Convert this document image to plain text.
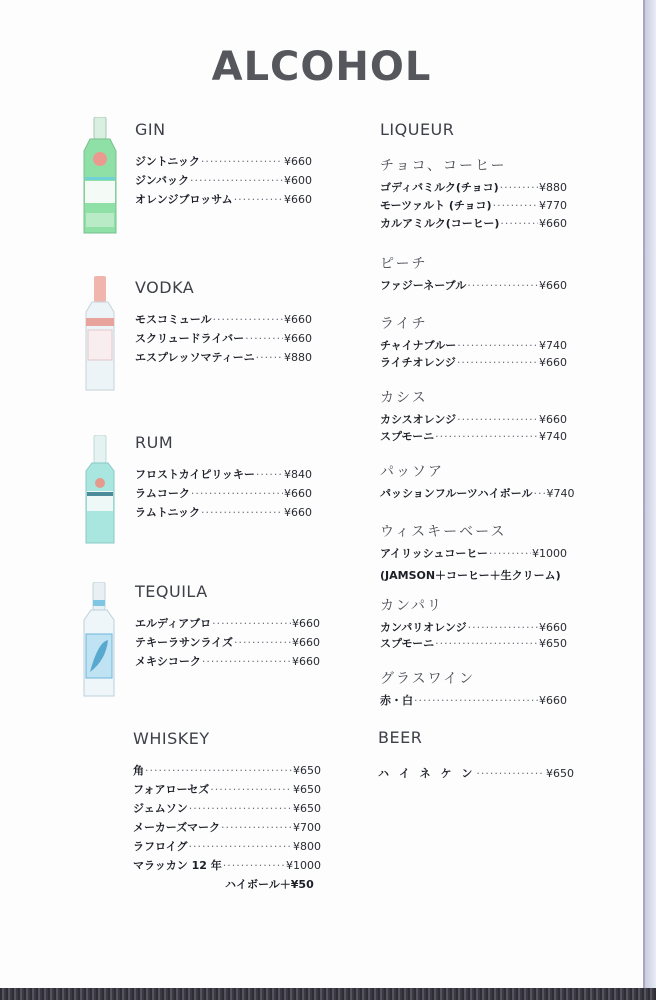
ALCOHOL
GIN
ジントニック ·····	¥660
ジンバック ·····	¥600
オレンジブロッサム ·····	¥660
VODKA
モスコミュール ·····	¥660
スクリュードライバー ·····	¥660
エスプレッソマティーニ ·····	¥880
RUM
フロストカイピリッキー ·····	¥840
ラムコーク ·····	¥660
ラムトニック ·····	¥660
TEQUILA
エルディアブロ ·····	¥660
テキーラサンライズ ·····	¥660
メキシコーク ·····	¥660
WHISKEY
角 ·····	¥650
フォアローセズ ·····	¥650
ジェムソン ·····	¥650
メーカーズマーク ·····	¥700
ラフロイグ ·····	¥800
マラッカン 12 年 ·····	¥1000
ハイボール＋¥50
LIQUEUR
チョコ、コーヒー
ゴディバミルク(チョコ) ·····	¥880
モーツァルト (チョコ) ·····	¥770
カルアミルク(コーヒー) ·····	¥660
ピーチ
ファジーネーブル ·····	¥660
ライチ
チャイナブルー ·····	¥740
ライチオレンジ ·····	¥660
カシス
カシスオレンジ ·····	¥660
スプモーニ ·····	¥740
パッソア
パッションフルーツハイボール ····· ¥740
ウィスキーベース
アイリッシュコーヒー ·····	¥1000
(JAMSON＋コーヒー＋生クリーム)
カンパリ
カンパリオレンジ ·····	¥660
スプモーニ ·····	¥650
グラスワイン
赤・白 ·····	¥660
BEER
ハ イ ネ ケ ン ·····	¥650
